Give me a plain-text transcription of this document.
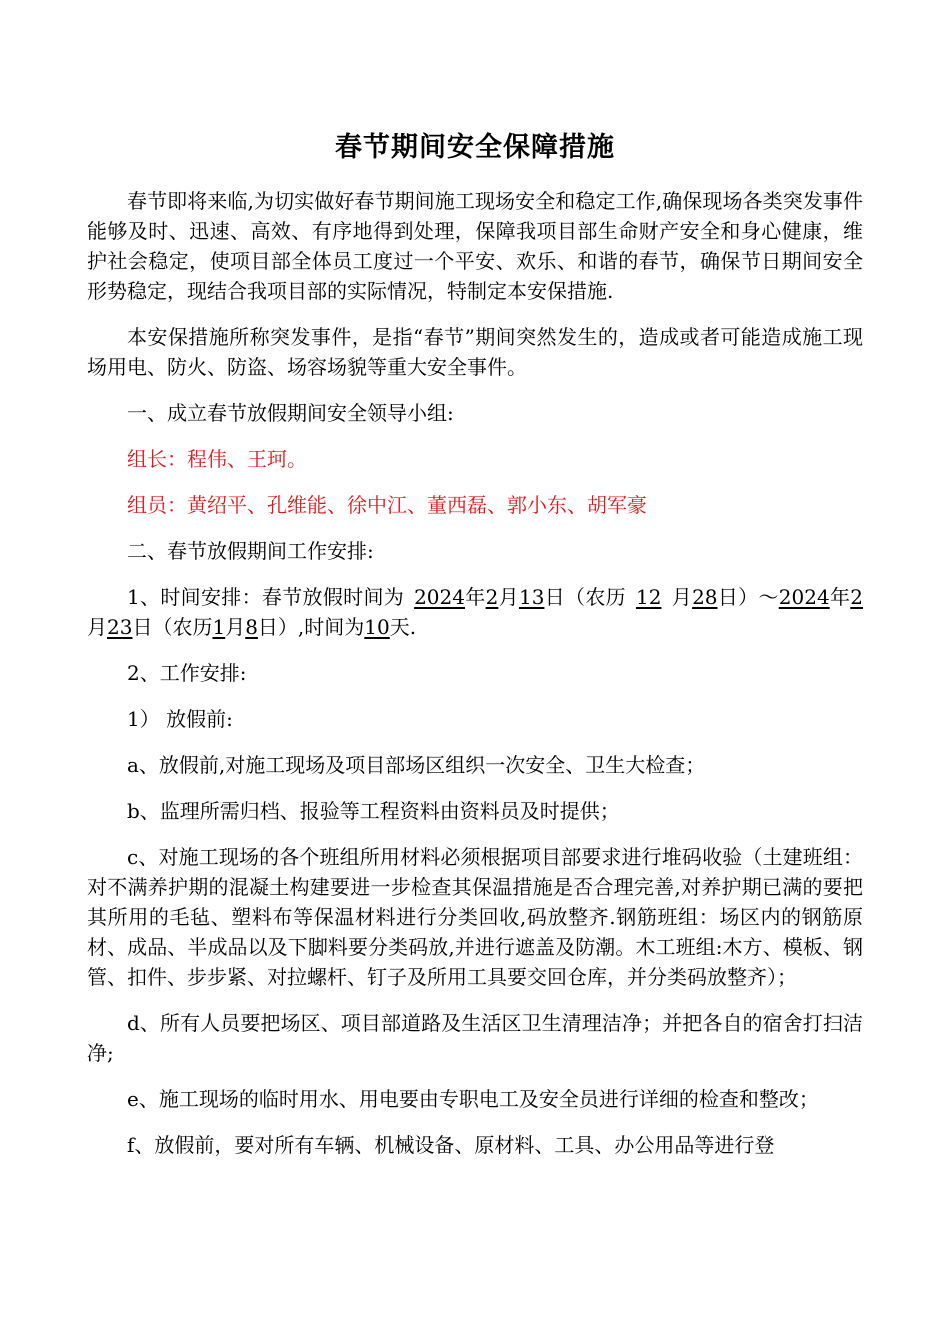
春节期间安全保障措施

春节即将来临,为切实做好春节期间施工现场安全和稳定工作,确保现场各类突发事件能够及时、迅速、高效、有序地得到处理，保障我项目部生命财产安全和身心健康，维护社会稳定，使项目部全体员工度过一个平安、欢乐、和谐的春节，确保节日期间安全形势稳定，现结合我项目部的实际情况，特制定本安保措施.

本安保措施所称突发事件，是指“春节”期间突然发生的，造成或者可能造成施工现场用电、防火、防盗、场容场貌等重大安全事件。

一、成立春节放假期间安全领导小组:

组长：程伟、王珂。

组员：黄绍平、孔维能、徐中江、董西磊、郭小东、胡军豪

二、春节放假期间工作安排:

1、时间安排：春节放假时间为 2024年2月13日（农历 12 月28日）～2024年2月23日（农历1月8日）,时间为10天.

2、工作安排:

1） 放假前:

a、放假前,对施工现场及项目部场区组织一次安全、卫生大检查；

b、监理所需归档、报验等工程资料由资料员及时提供；

c、对施工现场的各个班组所用材料必须根据项目部要求进行堆码收验（土建班组：对不满养护期的混凝土构建要进一步检查其保温措施是否合理完善,对养护期已满的要把其所用的毛毡、塑料布等保温材料进行分类回收,码放整齐.钢筋班组：场区内的钢筋原材、成品、半成品以及下脚料要分类码放,并进行遮盖及防潮。木工班组:木方、模板、钢管、扣件、步步紧、对拉螺杆、钉子及所用工具要交回仓库，并分类码放整齐）；

d、所有人员要把场区、项目部道路及生活区卫生清理洁净；并把各自的宿舍打扫洁净;

e、施工现场的临时用水、用电要由专职电工及安全员进行详细的检查和整改；

f、放假前，要对所有车辆、机械设备、原材料、工具、办公用品等进行登
